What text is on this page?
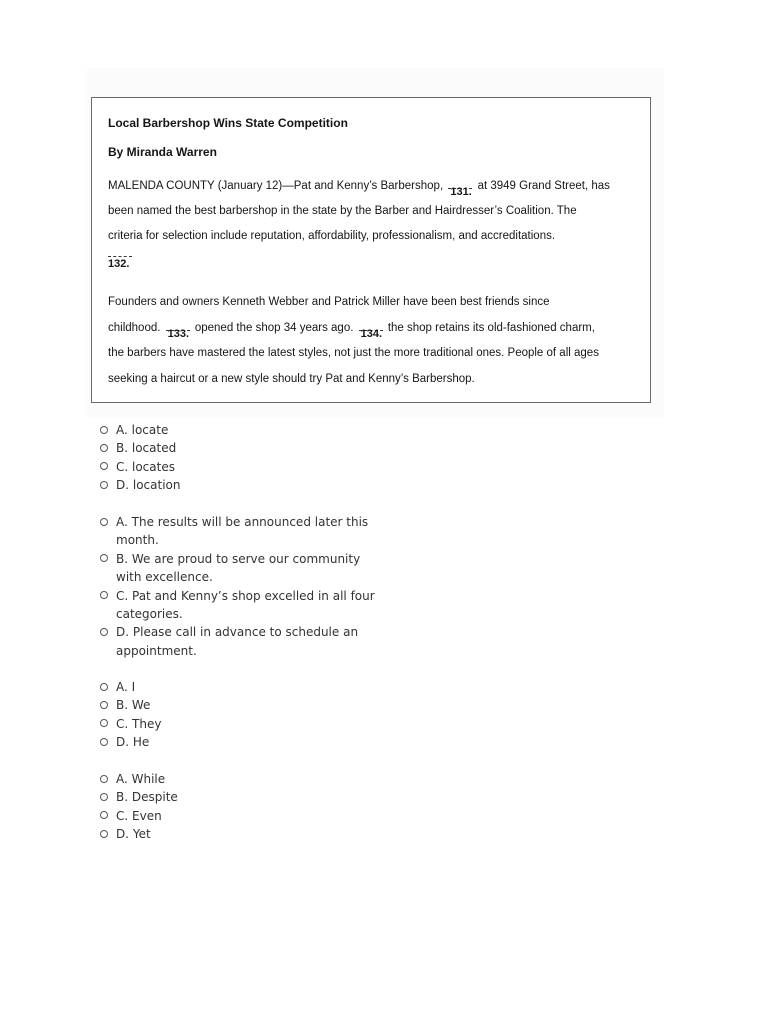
Local Barbershop Wins State Competition
By Miranda Warren
MALENDA COUNTY (January 12)—Pat and Kenny’s Barbershop, 131. at 3949 Grand Street, has
been named the best barbershop in the state by the Barber and Hairdresser’s Coalition. The
criteria for selection include reputation, affordability, professionalism, and accreditations.
132.
Founders and owners Kenneth Webber and Patrick Miller have been best friends since
childhood. 133. opened the shop 34 years ago. 134. the shop retains its old-fashioned charm,
the barbers have mastered the latest styles, not just the more traditional ones. People of all ages
seeking a haircut or a new style should try Pat and Kenny’s Barbershop.
A. locate
B. located
C. locates
D. location
A. The results will be announced later this month.
B. We are proud to serve our community with excellence.
C. Pat and Kenny’s shop excelled in all four categories.
D. Please call in advance to schedule an appointment.
A. I
B. We
C. They
D. He
A. While
B. Despite
C. Even
D. Yet
